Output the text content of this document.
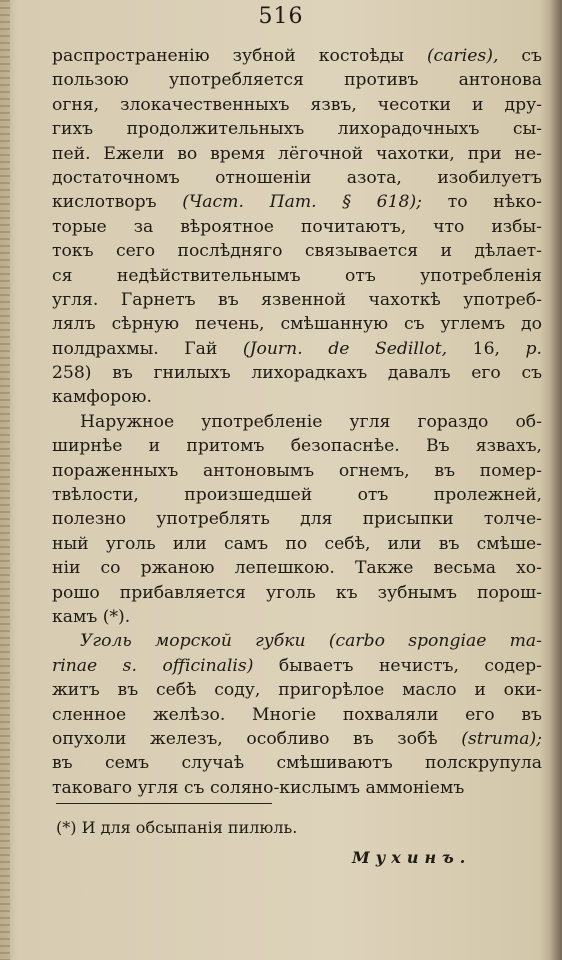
516
распространенію зубной костоѣды (caries), съ
пользою употребляется противъ антонова
огня, злокачественныхъ язвъ, чесотки и дру-
гихъ продолжительныхъ лихорадочныхъ сы-
пей. Ежели во время лёгочной чахотки, при не-
достаточномъ отношеніи азота, изобилуетъ
кислотворъ (Част. Пат. § 618); то нѣко-
торые за вѣроятное почитаютъ, что избы-
токъ сего послѣдняго связывается и дѣлает-
ся	недѣйствительнымъ	отъ	употребленія
угля. Гарнетъ въ язвенной чахоткѣ употреб-
лялъ сѣрную печень, смѣшанную съ углемъ до
полдрахмы. Гай (Journ. de Sedillot, 16, p.
258) въ гнилыхъ лихорадкахъ давалъ его съ
камфорою.
Наружное употребленіе угля гораздо об-
ширнѣе и притомъ безопаснѣе. Въ язвахъ,
пораженныхъ антоновымъ огнемъ, въ помер-
твѣлости,	произшедшей	отъ	пролежней,
полезно употреблять для присыпки толче-
ный уголь или самъ по себѣ, или въ смѣше-
ніи со ржаною лепешкою. Также весьма хо-
рошо прибавляется уголь къ зубнымъ порош-
камъ (*).
Уголь морской губки (carbo spongiae ma-
rinae s. officinalis) бываетъ нечистъ, содер-
житъ въ себѣ соду, пригорѣлое масло и оки-
сленное желѣзо. Многіе похваляли его въ
опухоли железъ, особливо въ зобѣ (struma);
въ семъ случаѣ смѣшиваютъ полскрупула
таковаго угля съ соляно-кислымъ аммоніемъ
(*) И для обсыпанія пилюль.
Мухинъ.
